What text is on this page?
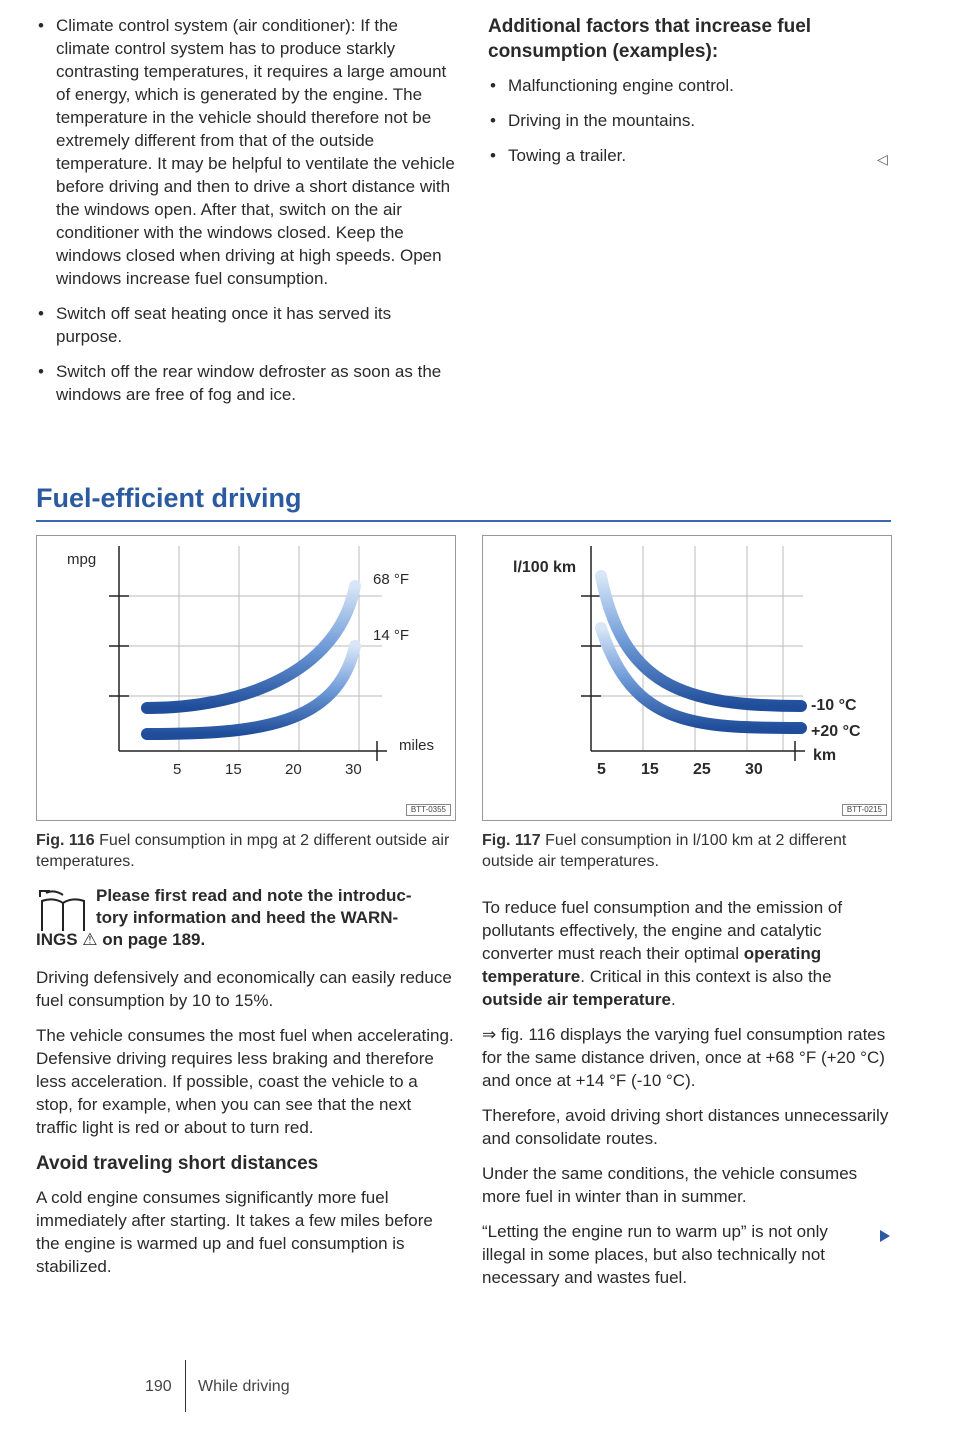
• Climate control system (air conditioner): If the climate control system has to produce starkly contrasting temperatures, it requires a large amount of energy, which is generated by the engine. The temperature in the vehicle should therefore not be extremely different from that of the outside temperature. It may be helpful to ventilate the vehicle before driving and then to drive a short distance with the windows open. After that, switch on the air conditioner with the windows closed. Keep the windows closed when driving at high speeds. Open windows increase fuel consumption.
• Switch off seat heating once it has served its purpose.
• Switch off the rear window defroster as soon as the windows are free of fog and ice.
Additional factors that increase fuel consumption (examples):
• Malfunctioning engine control.
• Driving in the mountains.
• Towing a trailer.	◁
Fuel-efficient driving
mpg
68 °F
14 °F
miles
5	15	20	30
BTT-0355
Fig. 116 Fuel consumption in mpg at 2 different outside air temperatures.
l/100 km
-10 °C
+20 °C
km
5 15 25 30
BTT-0215
Fig. 117 Fuel consumption in l/100 km at 2 different outside air temperatures.
Please first read and note the introduc-
tory information and heed the WARN-
INGS ⚠ on page 189.

Driving defensively and economically can easily reduce fuel consumption by 10 to 15%.

The vehicle consumes the most fuel when accelerating. Defensive driving requires less braking and therefore less acceleration. If possible, coast the vehicle to a stop, for example, when you can see that the next traffic light is red or about to turn red.

Avoid traveling short distances

A cold engine consumes significantly more fuel immediately after starting. It takes a few miles before the engine is warmed up and fuel consumption is stabilized.

To reduce fuel consumption and the emission of pollutants effectively, the engine and catalytic converter must reach their optimal operating temperature. Critical in this context is also the outside air temperature.

⇒ fig. 116 displays the varying fuel consumption rates for the same distance driven, once at +68 °F (+20 °C) and once at +14 °F (-10 °C).

Therefore, avoid driving short distances unnecessarily and consolidate routes.

Under the same conditions, the vehicle consumes more fuel in winter than in summer.

“Letting the engine run to warm up” is not only illegal in some places, but also technically not necessary and wastes fuel.

190 While driving
